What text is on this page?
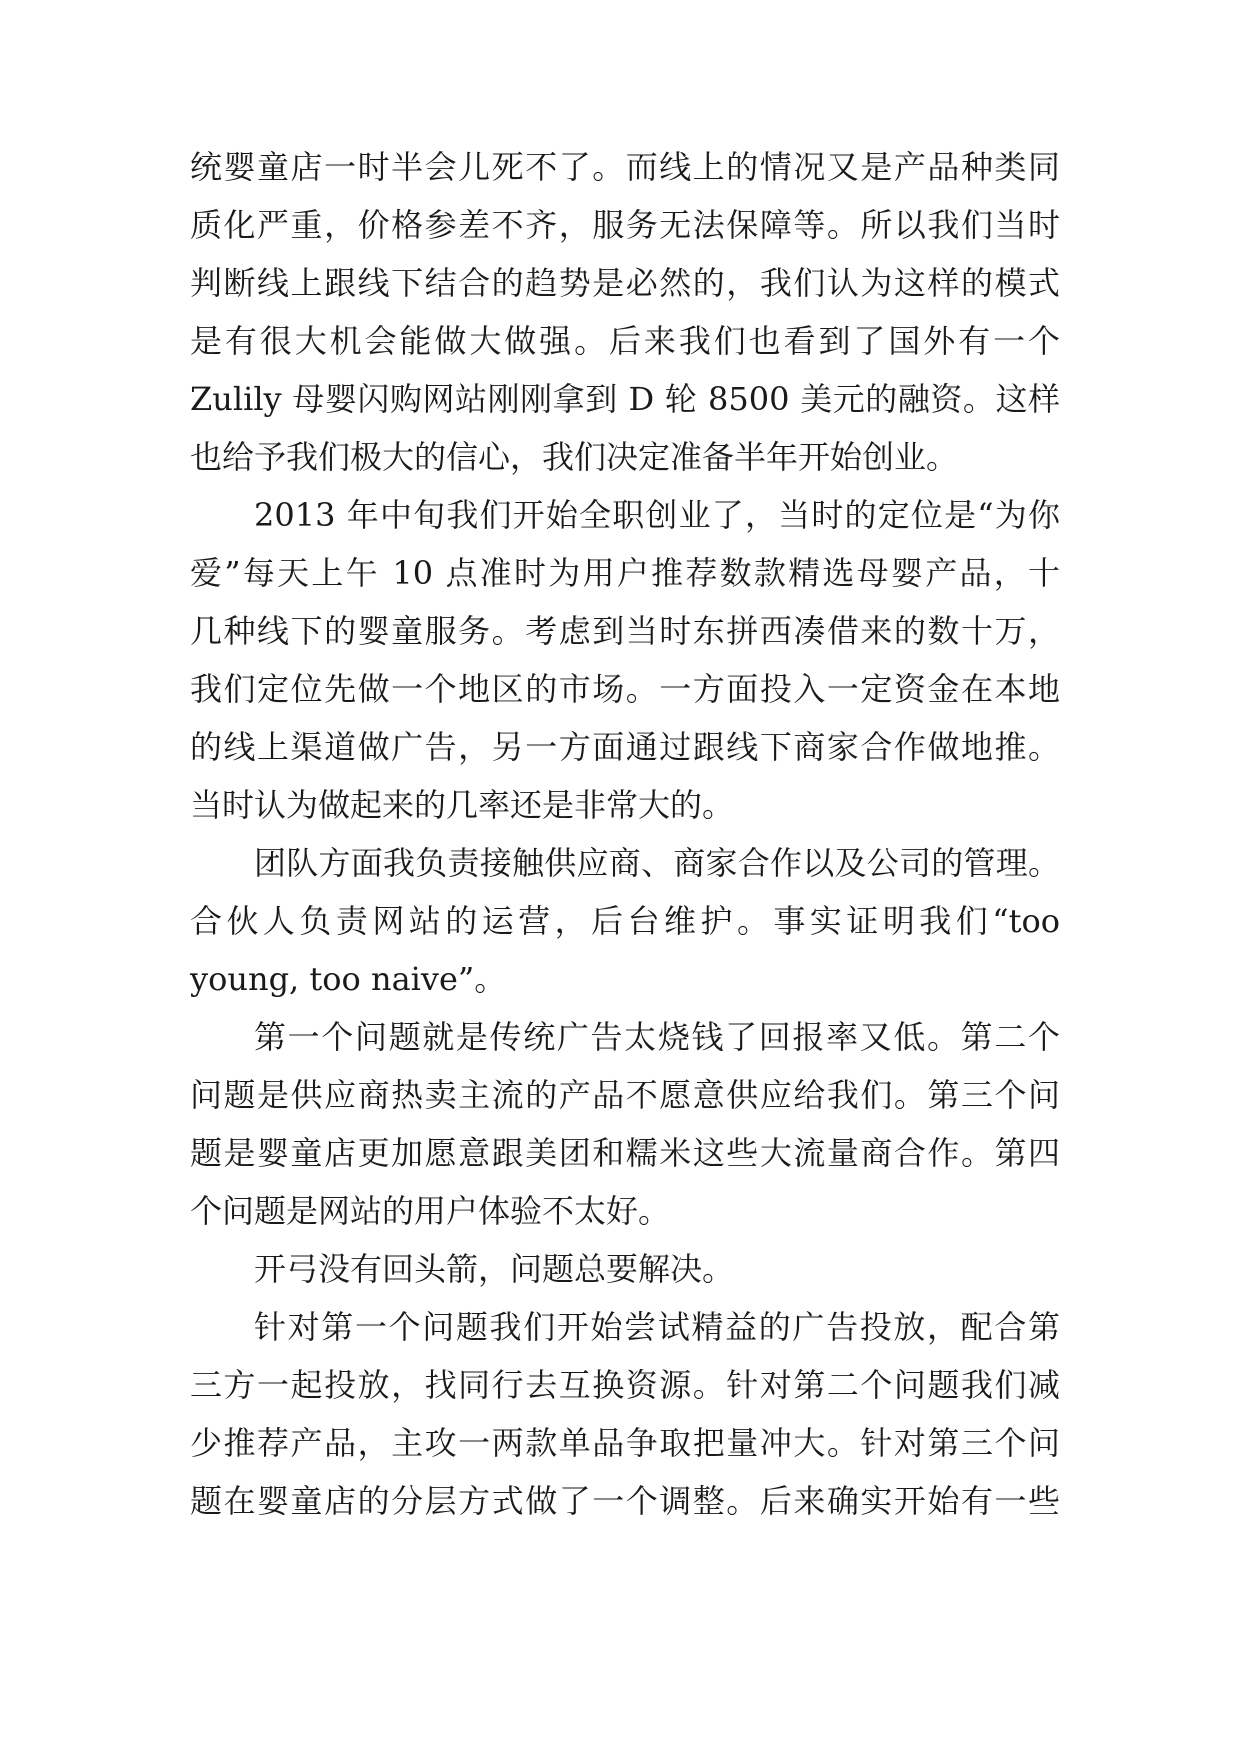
统婴童店一时半会儿死不了。而线上的情况又是产品种类同
质化严重，价格参差不齐，服务无法保障等。所以我们当时
判断线上跟线下结合的趋势是必然的，我们认为这样的模式
是有很大机会能做大做强。后来我们也看到了国外有一个
Zulily 母婴闪购网站刚刚拿到 D 轮 8500 美元的融资。这样
也给予我们极大的信心，我们决定准备半年开始创业。
2013 年中旬我们开始全职创业了，当时的定位是“为你
爱”每天上午 10 点准时为用户推荐数款精选母婴产品，十
几种线下的婴童服务。考虑到当时东拼西凑借来的数十万，
我们定位先做一个地区的市场。一方面投入一定资金在本地
的线上渠道做广告，另一方面通过跟线下商家合作做地推。
当时认为做起来的几率还是非常大的。
团队方面我负责接触供应商、商家合作以及公司的管理。
合伙人负责网站的运营，后台维护。事实证明我们“too
young, too naive”。
第一个问题就是传统广告太烧钱了回报率又低。第二个
问题是供应商热卖主流的产品不愿意供应给我们。第三个问
题是婴童店更加愿意跟美团和糯米这些大流量商合作。第四
个问题是网站的用户体验不太好。
开弓没有回头箭，问题总要解决。
针对第一个问题我们开始尝试精益的广告投放，配合第
三方一起投放，找同行去互换资源。针对第二个问题我们减
少推荐产品，主攻一两款单品争取把量冲大。针对第三个问
题在婴童店的分层方式做了一个调整。后来确实开始有一些
